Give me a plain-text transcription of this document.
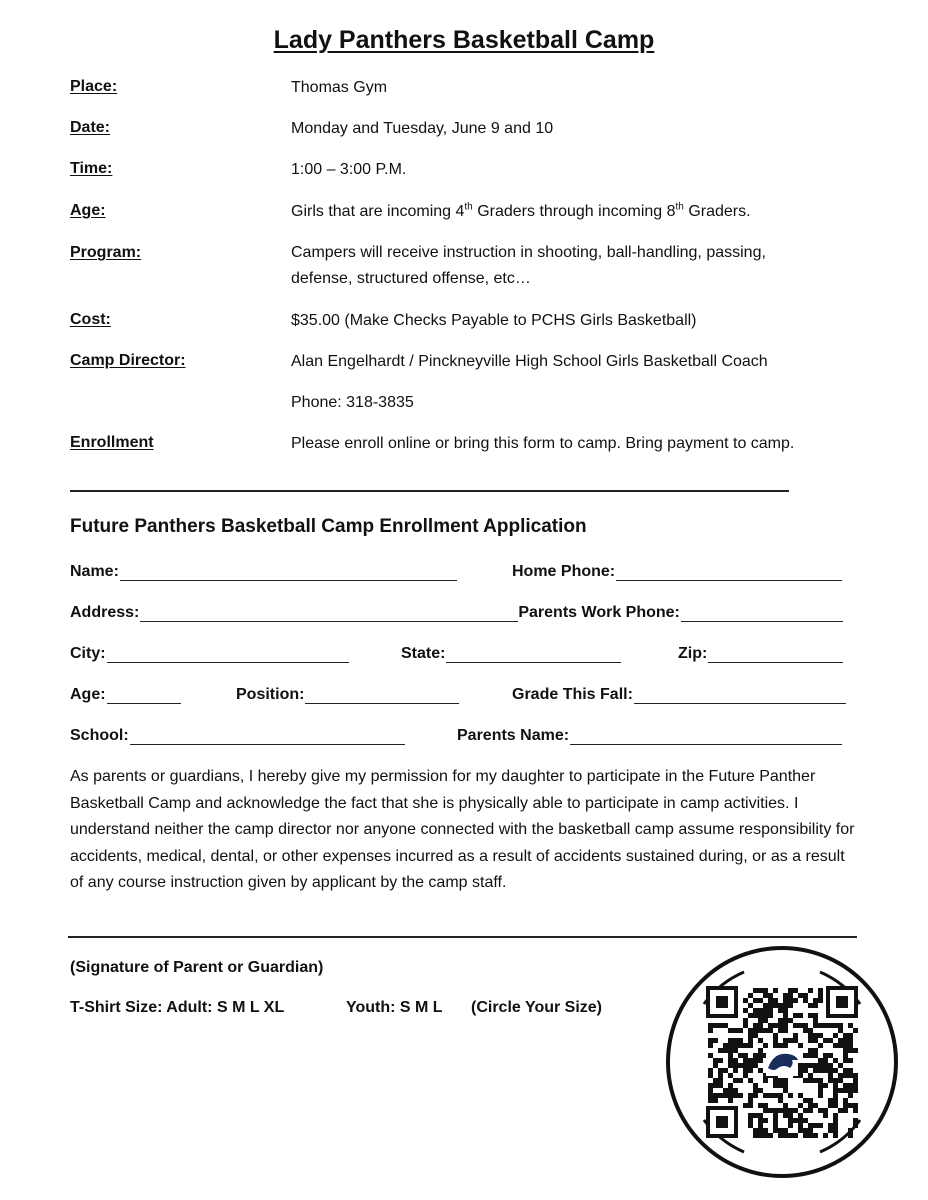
Lady Panthers Basketball Camp
Place:	Thomas Gym
Date:	Monday and Tuesday, June 9 and 10
Time:	1:00 – 3:00 P.M.
Age:	Girls that are incoming 4th Graders through incoming 8th Graders.
Program:	Campers will receive instruction in shooting, ball-handling, passing,
defense, structured offense, etc…
Cost:	$35.00 (Make Checks Payable to PCHS Girls Basketball)
Camp Director:	Alan Engelhardt / Pinckneyville High School Girls Basketball Coach
Phone: 318-3835
Enrollment	Please enroll online or bring this form to camp. Bring payment to camp.
Future Panthers Basketball Camp Enrollment Application
Name:	Home Phone:
Address:	Parents Work Phone:
City:	State:	Zip:
Age:	Position:	Grade This Fall:
School:	Parents Name:
As parents or guardians, I hereby give my permission for my daughter to participate in the Future Panther Basketball Camp and acknowledge the fact that she is physically able to participate in camp activities. I understand neither the camp director nor anyone connected with the basketball camp assume responsibility for accidents, medical, dental, or other expenses incurred as a result of accidents sustained during, or as a result of any course instruction given by applicant by the camp staff.
(Signature of Parent or Guardian)
T-Shirt Size: Adult: S M L XL	Youth: S M L (Circle Your Size)
